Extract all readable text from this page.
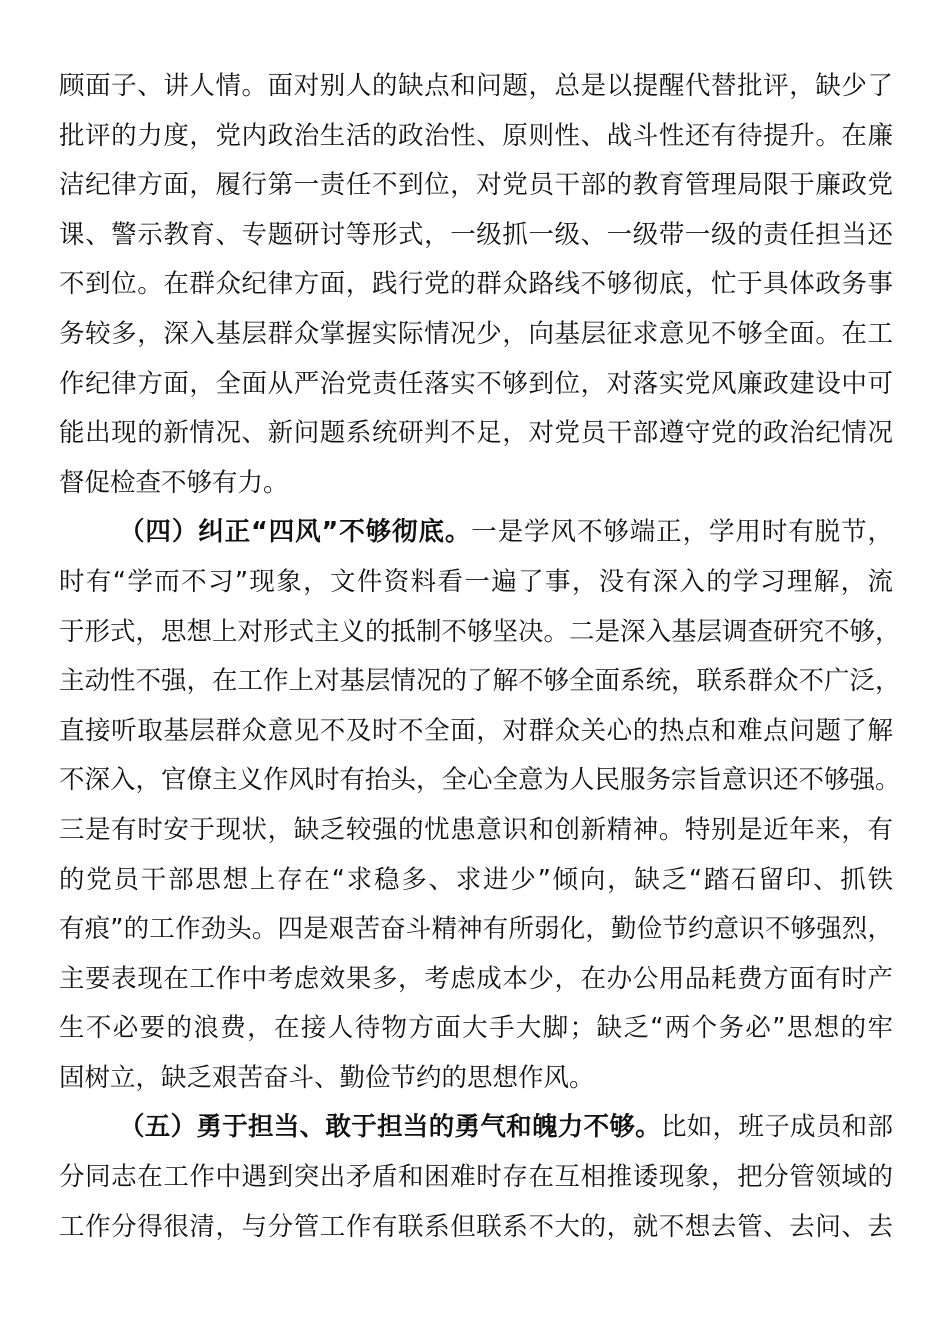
顾面子、讲人情。面对别人的缺点和问题，总是以提醒代替批评，缺少了
批评的力度，党内政治生活的政治性、原则性、战斗性还有待提升。在廉
洁纪律方面，履行第一责任不到位，对党员干部的教育管理局限于廉政党
课、警示教育、专题研讨等形式，一级抓一级、一级带一级的责任担当还
不到位。在群众纪律方面，践行党的群众路线不够彻底，忙于具体政务事
务较多，深入基层群众掌握实际情况少，向基层征求意见不够全面。在工
作纪律方面，全面从严治党责任落实不够到位，对落实党风廉政建设中可
能出现的新情况、新问题系统研判不足，对党员干部遵守党的政治纪情况
督促检查不够有力。
（四）纠正“四风”不够彻底。一是学风不够端正，学用时有脱节，
时有“学而不习”现象，文件资料看一遍了事，没有深入的学习理解，流
于形式，思想上对形式主义的抵制不够坚决。二是深入基层调查研究不够，
主动性不强，在工作上对基层情况的了解不够全面系统，联系群众不广泛，
直接听取基层群众意见不及时不全面，对群众关心的热点和难点问题了解
不深入，官僚主义作风时有抬头，全心全意为人民服务宗旨意识还不够强。
三是有时安于现状，缺乏较强的忧患意识和创新精神。特别是近年来，有
的党员干部思想上存在“求稳多、求进少”倾向，缺乏“踏石留印、抓铁
有痕”的工作劲头。四是艰苦奋斗精神有所弱化，勤俭节约意识不够强烈，
主要表现在工作中考虑效果多，考虑成本少，在办公用品耗费方面有时产
生不必要的浪费，在接人待物方面大手大脚；缺乏“两个务必”思想的牢
固树立，缺乏艰苦奋斗、勤俭节约的思想作风。
（五）勇于担当、敢于担当的勇气和魄力不够。比如，班子成员和部
分同志在工作中遇到突出矛盾和困难时存在互相推诿现象，把分管领域的
工作分得很清，与分管工作有联系但联系不大的，就不想去管、去问、去
